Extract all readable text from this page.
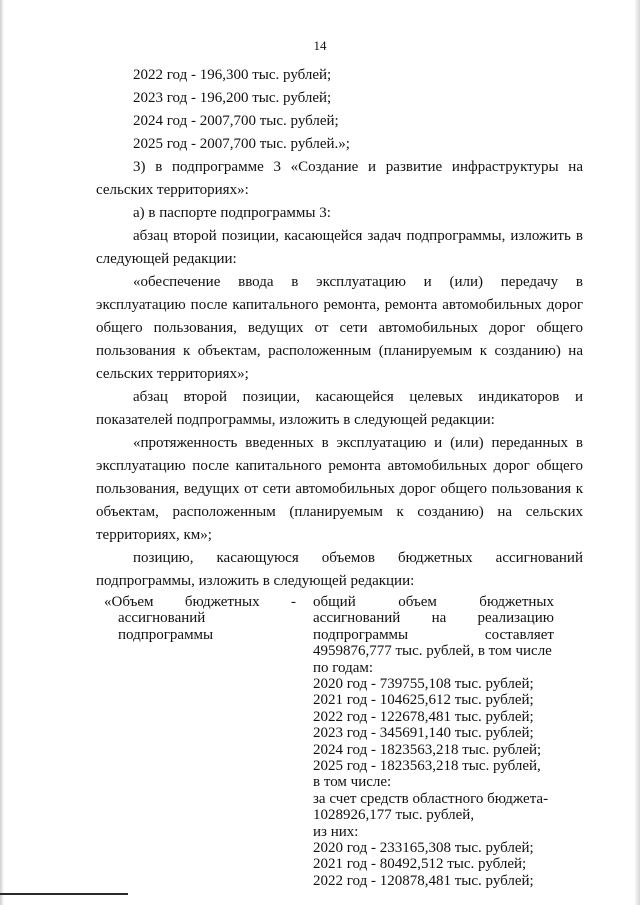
14
2022 год - 196,300 тыс. рублей;
2023 год - 196,200 тыс. рублей;
2024 год - 2007,700 тыс. рублей;
2025 год - 2007,700 тыс. рублей.»;
3) в подпрограмме 3 «Создание и развитие инфраструктуры на
сельских территориях»:
а) в паспорте подпрограммы 3:
абзац второй позиции, касающейся задач подпрограммы, изложить в
следующей редакции:
«обеспечение ввода в эксплуатацию и (или) передачу в
эксплуатацию после капитального ремонта, ремонта автомобильных дорог
общего пользования, ведущих от сети автомобильных дорог общего
пользования к объектам, расположенным (планируемым к созданию) на
сельских территориях»;
абзац второй позиции, касающейся целевых индикаторов и
показателей подпрограммы, изложить в следующей редакции:
«протяженность введенных в эксплуатацию и (или) переданных в
эксплуатацию после капитального ремонта автомобильных дорог общего
пользования, ведущих от сети автомобильных дорог общего пользования к
объектам, расположенным (планируемым к созданию) на сельских
территориях, км»;
позицию, касающуюся объемов бюджетных ассигнований
подпрограммы, изложить в следующей редакции:
«Объем бюджетных -
ассигнований
подпрограммы
общий объем бюджетных
ассигнований на реализацию
подпрограммы составляет
4959876,777 тыс. рублей, в том числе
по годам:
2020 год - 739755,108 тыс. рублей;
2021 год - 104625,612 тыс. рублей;
2022 год - 122678,481 тыс. рублей;
2023 год - 345691,140 тыс. рублей;
2024 год - 1823563,218 тыс. рублей;
2025 год - 1823563,218 тыс. рублей,
в том числе:
за счет средств областного бюджета-
1028926,177 тыс. рублей,
из них:
2020 год - 233165,308 тыс. рублей;
2021 год - 80492,512 тыс. рублей;
2022 год - 120878,481 тыс. рублей;
